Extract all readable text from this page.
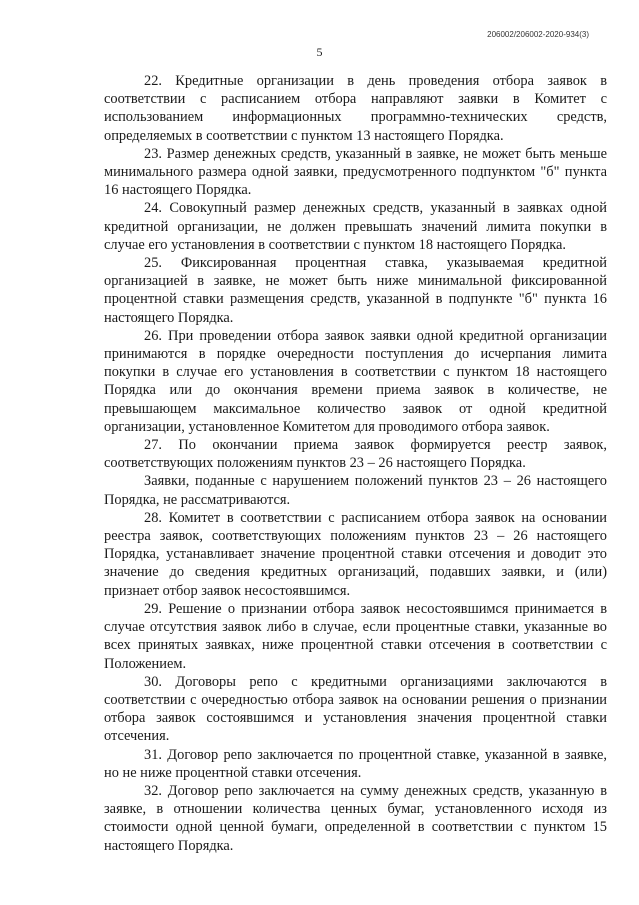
206002/206002-2020-934(3)
5

22. Кредитные организации в день проведения отбора заявок в соответствии с расписанием отбора направляют заявки в Комитет с использованием информационных программно-технических средств, определяемых в соответствии с пунктом 13 настоящего Порядка.

23. Размер денежных средств, указанный в заявке, не может быть меньше минимального размера одной заявки, предусмотренного подпунктом "б" пункта 16 настоящего Порядка.

24. Совокупный размер денежных средств, указанный в заявках одной кредитной организации, не должен превышать значений лимита покупки в случае его установления в соответствии с пунктом 18 настоящего Порядка.

25. Фиксированная процентная ставка, указываемая кредитной организацией в заявке, не может быть ниже минимальной фиксированной процентной ставки размещения средств, указанной в подпункте "б" пункта 16 настоящего Порядка.

26. При проведении отбора заявок заявки одной кредитной организации принимаются в порядке очередности поступления до исчерпания лимита покупки в случае его установления в соответствии с пунктом 18 настоящего Порядка или до окончания времени приема заявок в количестве, не превышающем максимальное количество заявок от одной кредитной организации, установленное Комитетом для проводимого отбора заявок.

27. По окончании приема заявок формируется реестр заявок, соответствующих положениям пунктов 23 – 26 настоящего Порядка.

Заявки, поданные с нарушением положений пунктов 23 – 26 настоящего Порядка, не рассматриваются.

28. Комитет в соответствии с расписанием отбора заявок на основании реестра заявок, соответствующих положениям пунктов 23 – 26 настоящего Порядка, устанавливает значение процентной ставки отсечения и доводит это значение до сведения кредитных организаций, подавших заявки, и (или) признает отбор заявок несостоявшимся.

29. Решение о признании отбора заявок несостоявшимся принимается в случае отсутствия заявок либо в случае, если процентные ставки, указанные во всех принятых заявках, ниже процентной ставки отсечения в соответствии с Положением.

30. Договоры репо с кредитными организациями заключаются в соответствии с очередностью отбора заявок на основании решения о признании отбора заявок состоявшимся и установления значения процентной ставки отсечения.

31. Договор репо заключается по процентной ставке, указанной в заявке, но не ниже процентной ставки отсечения.

32. Договор репо заключается на сумму денежных средств, указанную в заявке, в отношении количества ценных бумаг, установленного исходя из стоимости одной ценной бумаги, определенной в соответствии с пунктом 15 настоящего Порядка.
